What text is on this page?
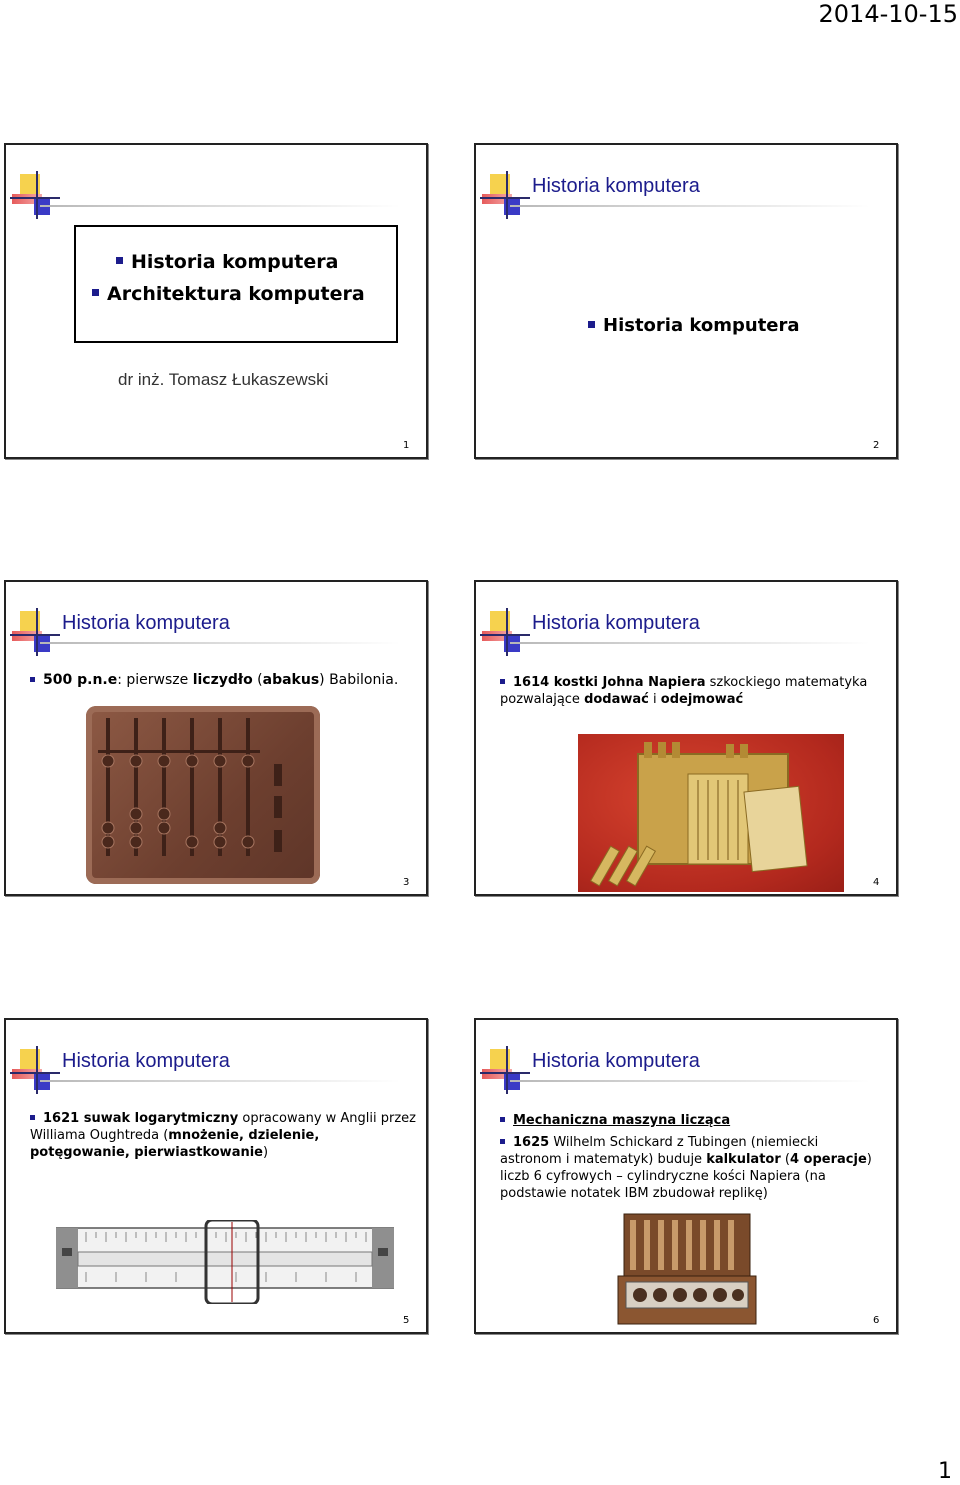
2014-10-15
Historia komputera
Architektura komputera
dr inż. Tomasz Łukaszewski
1
Historia komputera
Historia komputera
2
Historia komputera
500 p.n.e: pierwsze liczydło (abakus) Babilonia.
3
Historia komputera
1614 kostki Johna Napiera szkockiego matematyka pozwalające dodawać i odejmować
4
Historia komputera
1621 suwak logarytmiczny opracowany w Anglii przez Williama Oughtreda (mnożenie, dzielenie, potęgowanie, pierwiastkowanie)
5
Historia komputera
Mechaniczna maszyna licząca
1625 Wilhelm Schickard z Tubingen (niemiecki astronom i matematyk) buduje kalkulator (4 operacje) liczb 6 cyfrowych – cylindryczne kości Napiera (na podstawie notatek IBM zbudował replikę)
6
1
